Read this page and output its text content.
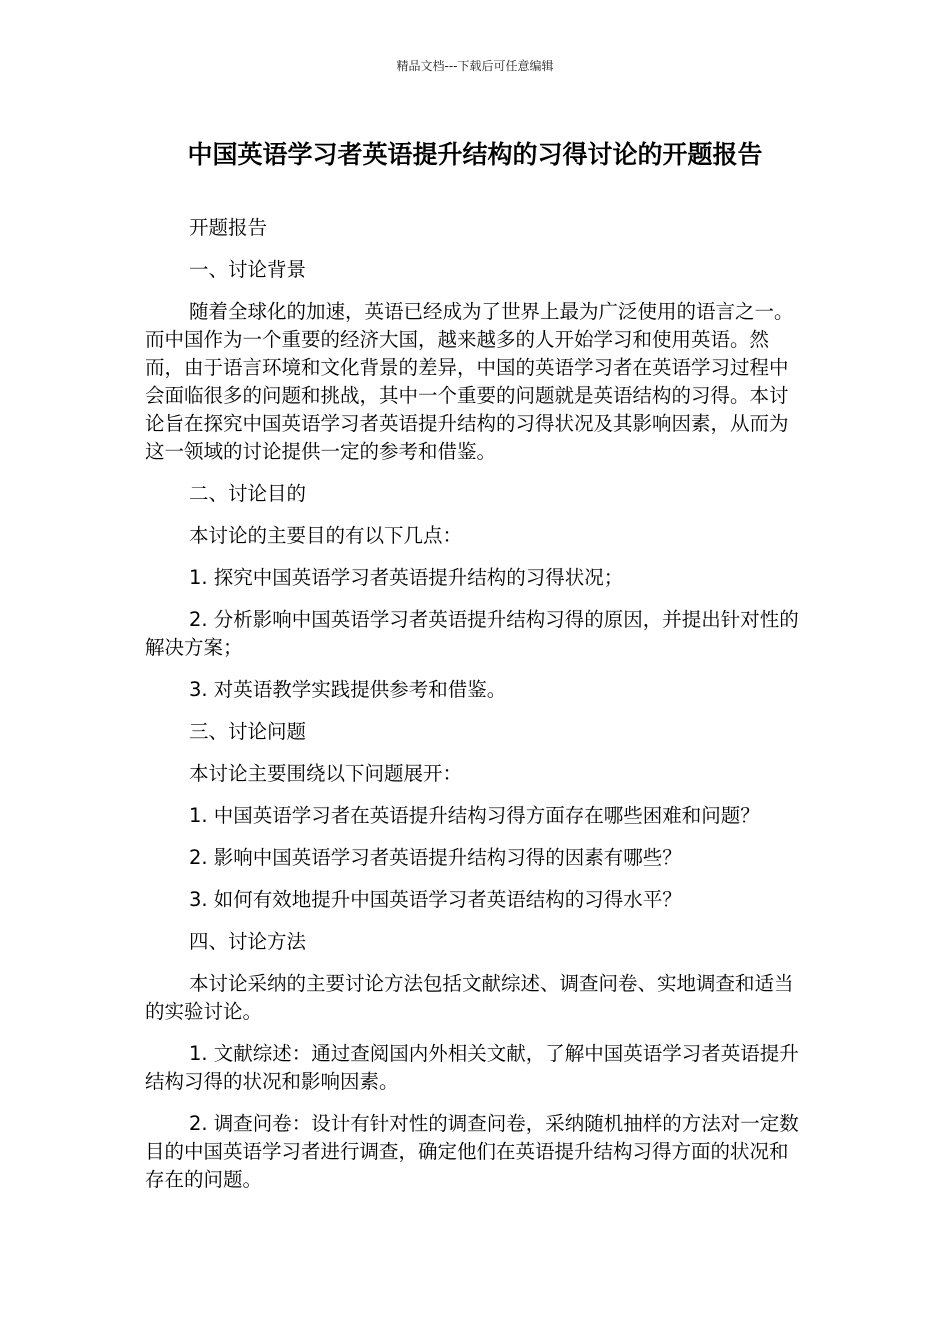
精品文档---下载后可任意编辑
中国英语学习者英语提升结构的习得讨论的开题报告

开题报告

一、讨论背景

随着全球化的加速，英语已经成为了世界上最为广泛使用的语言之一。而中国作为一个重要的经济大国，越来越多的人开始学习和使用英语。然而，由于语言环境和文化背景的差异，中国的英语学习者在英语学习过程中会面临很多的问题和挑战，其中一个重要的问题就是英语结构的习得。本讨论旨在探究中国英语学习者英语提升结构的习得状况及其影响因素，从而为这一领域的讨论提供一定的参考和借鉴。

二、讨论目的

本讨论的主要目的有以下几点：

1. 探究中国英语学习者英语提升结构的习得状况；

2. 分析影响中国英语学习者英语提升结构习得的原因，并提出针对性的解决方案；

3. 对英语教学实践提供参考和借鉴。

三、讨论问题

本讨论主要围绕以下问题展开：

1. 中国英语学习者在英语提升结构习得方面存在哪些困难和问题？

2. 影响中国英语学习者英语提升结构习得的因素有哪些？

3. 如何有效地提升中国英语学习者英语结构的习得水平？

四、讨论方法

本讨论采纳的主要讨论方法包括文献综述、调查问卷、实地调查和适当的实验讨论。

1. 文献综述：通过查阅国内外相关文献，了解中国英语学习者英语提升结构习得的状况和影响因素。

2. 调查问卷：设计有针对性的调查问卷，采纳随机抽样的方法对一定数目的中国英语学习者进行调查，确定他们在英语提升结构习得方面的状况和存在的问题。
